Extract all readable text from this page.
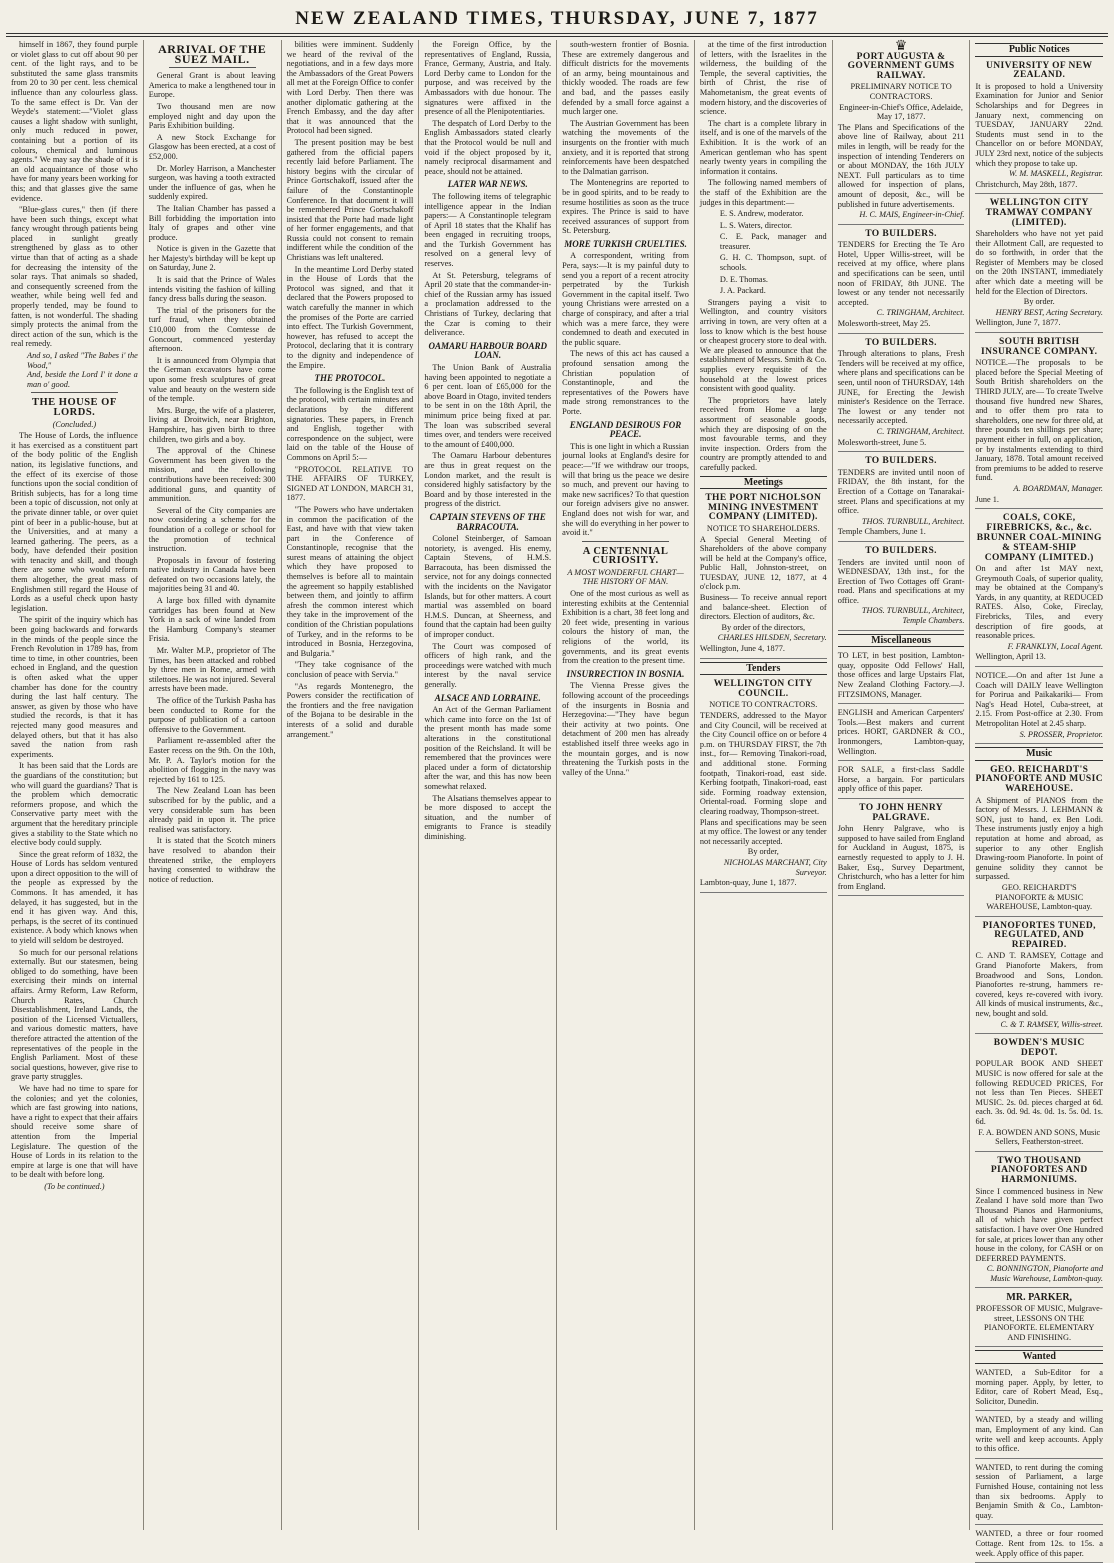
NEW ZEALAND TIMES, THURSDAY, JUNE 7, 1877

himself in 1867, they found purple or violet glass to cut off about 90 per cent. of the light rays, and to be substituted the same glass transmits from 20 to 30 per cent. less chemical influence than any colourless glass. To the same effect is Dr. Van der Weyde's statement:—"Violet glass causes a light shadow with sunlight, only much reduced in power, containing but a portion of its colours, chemical and luminous agents." We may say the shade of it is an old acquaintance of those who have for many years been working for this; and that glasses give the same evidence.

"Blue-glass cures," then (if there have been such things, except what fancy wrought through patients being placed in sunlight greatly strengthened by glass as to other virtue than that of acting as a shade for decreasing the intensity of the solar rays. That animals so shaded, and consequently screened from the weather, while being well fed and properly tended, may be found to fatten, is not wonderful. The shading simply protects the animal from the direct action of the sun, which is the real remedy.

And so, I asked "The Babes i' the Wood,"

And, beside the Lord I' it done a man o' good.

THE HOUSE OF LORDS.
(Concluded.)

The House of Lords, the influence it has exercised as a constituent part of the body politic of the English nation, its legislative functions, and the effect of its exercise of those functions upon the social condition of British subjects, has for a long time been a topic of discussion, not only at the private dinner table, or over quiet pint of beer in a public-house, but at the Universities, and at many a learned gathering. The peers, as a body, have defended their position with tenacity and skill, and though there are some who would reform them altogether, the great mass of Englishmen still regard the House of Lords as a useful check upon hasty legislation.

The spirit of the inquiry which has been going backwards and forwards in the minds of the people since the French Revolution in 1789 has, from time to time, in other countries, been echoed in England, and the question is often asked what the upper chamber has done for the country during the last half century. The answer, as given by those who have studied the records, is that it has rejected many good measures and delayed others, but that it has also saved the nation from rash experiments.

It has been said that the Lords are the guardians of the constitution; but who will guard the guardians? That is the problem which democratic reformers propose, and which the Conservative party meet with the argument that the hereditary principle gives a stability to the State which no elective body could supply.

Since the great reform of 1832, the House of Lords has seldom ventured upon a direct opposition to the will of the people as expressed by the Commons. It has amended, it has delayed, it has suggested, but in the end it has given way. And this, perhaps, is the secret of its continued existence. A body which knows when to yield will seldom be destroyed.

So much for our personal relations externally. But our statesmen, being obliged to do something, have been exercising their minds on internal affairs. Army Reform, Law Reform, Church Rates, Church Disestablishment, Ireland Lands, the position of the Licensed Victuallers, and various domestic matters, have therefore attracted the attention of the representatives of the people in the English Parliament. Most of these social questions, however, give rise to grave party struggles.

We have had no time to spare for the colonies; and yet the colonies, which are fast growing into nations, have a right to expect that their affairs should receive some share of attention from the Imperial Legislature. The question of the House of Lords in its relation to the empire at large is one that will have to be dealt with before long.

(To be continued.)
ARRIVAL OF THE SUEZ MAIL.

General Grant is about leaving America to make a lengthened tour in Europe.

Two thousand men are now employed night and day upon the Paris Exhibition building.

A new Stock Exchange for Glasgow has been erected, at a cost of £52,000.

Dr. Morley Harrison, a Manchester surgeon, was having a tooth extracted under the influence of gas, when he suddenly expired.

The Italian Chamber has passed a Bill forbidding the importation into Italy of grapes and other vine produce.

Notice is given in the Gazette that her Majesty's birthday will be kept up on Saturday, June 2.

It is said that the Prince of Wales intends visiting the fashion of killing fancy dress balls during the season.

The trial of the prisoners for the turf fraud, when they obtained £10,000 from the Comtesse de Goncourt, commenced yesterday afternoon.

It is announced from Olympia that the German excavators have come upon some fresh sculptures of great value and beauty on the western side of the temple.

Mrs. Burge, the wife of a plasterer, living at Droitwich, near Brighton, Hampshire, has given birth to three children, two girls and a boy.

The approval of the Chinese Government has been given to the mission, and the following contributions have been received: 300 additional guns, and quantity of ammunition.

Several of the City companies are now considering a scheme for the foundation of a college or school for the promotion of technical instruction.

Proposals in favour of fostering native industry in Canada have been defeated on two occasions lately, the majorities being 31 and 40.

A large box filled with dynamite cartridges has been found at New York in a sack of wine landed from the Hamburg Company's steamer Frisia.

Mr. Walter M.P., proprietor of The Times, has been attacked and robbed by three men in Rome, armed with stilettoes. He was not injured. Several arrests have been made.

The office of the Turkish Pasha has been conducted to Rome for the purpose of publication of a cartoon offensive to the Government.

Parliament re-assembled after the Easter recess on the 9th. On the 10th, Mr. P. A. Taylor's motion for the abolition of flogging in the navy was rejected by 161 to 125.

The New Zealand Loan has been subscribed for by the public, and a very considerable sum has been already paid in upon it. The price realised was satisfactory.

It is stated that the Scotch miners have resolved to abandon their threatened strike, the employers having consented to withdraw the notice of reduction.

bilities were imminent. Suddenly we heard of the revival of the negotiations, and in a few days more the Ambassadors of the Great Powers all met at the Foreign Office to confer with Lord Derby. Then there was another diplomatic gathering at the French Embassy, and the day after that it was announced that the Protocol had been signed.

The present position may be best gathered from the official papers recently laid before Parliament. The history begins with the circular of Prince Gortschakoff, issued after the failure of the Constantinople Conference. In that document it will be remembered Prince Gortschakoff insisted that the Porte had made light of her former engagements, and that Russia could not consent to remain indifferent while the condition of the Christians was left unaltered.

In the meantime Lord Derby stated in the House of Lords that the Protocol was signed, and that it declared that the Powers proposed to watch carefully the manner in which the promises of the Porte are carried into effect. The Turkish Government, however, has refused to accept the Protocol, declaring that it is contrary to the dignity and independence of the Empire.

THE PROTOCOL.

The following is the English text of the protocol, with certain minutes and declarations by the different signatories. These papers, in French and English, together with correspondence on the subject, were laid on the table of the House of Commons on April 5:—

"PROTOCOL RELATIVE TO THE AFFAIRS OF TURKEY, SIGNED AT LONDON, MARCH 31, 1877.

"The Powers who have undertaken in common the pacification of the East, and have with that view taken part in the Conference of Constantinople, recognise that the surest means of attaining the object which they have proposed to themselves is before all to maintain the agreement so happily established between them, and jointly to affirm afresh the common interest which they take in the improvement of the condition of the Christian populations of Turkey, and in the reforms to be introduced in Bosnia, Herzegovina, and Bulgaria."

"They take cognisance of the conclusion of peace with Servia."

"As regards Montenegro, the Powers consider the rectification of the frontiers and the free navigation of the Bojana to be desirable in the interests of a solid and durable arrangement."

the Foreign Office, by the representatives of England, Russia, France, Germany, Austria, and Italy. Lord Derby came to London for the purpose, and was received by the Ambassadors with due honour. The signatures were affixed in the presence of all the Plenipotentiaries.

The despatch of Lord Derby to the English Ambassadors stated clearly that the Protocol would be null and void if the object proposed by it, namely reciprocal disarmament and peace, should not be attained.

LATER WAR NEWS.

The following items of telegraphic intelligence appear in the Indian papers:— A Constantinople telegram of April 18 states that the Khalif has been engaged in recruiting troops, and the Turkish Government has resolved on a general levy of reserves.

At St. Petersburg, telegrams of April 20 state that the commander-in-chief of the Russian army has issued a proclamation addressed to the Christians of Turkey, declaring that the Czar is coming to their deliverance.

OAMARU HARBOUR BOARD LOAN.

The Union Bank of Australia having been appointed to negotiate a 6 per cent. loan of £65,000 for the above Board in Otago, invited tenders to be sent in on the 18th April, the minimum price being fixed at par. The loan was subscribed several times over, and tenders were received to the amount of £400,000.

The Oamaru Harbour debentures are thus in great request on the London market, and the result is considered highly satisfactory by the Board and by those interested in the progress of the district.

CAPTAIN STEVENS OF THE BARRACOUTA.

Colonel Steinberger, of Samoan notoriety, is avenged. His enemy, Captain Stevens, of H.M.S. Barracouta, has been dismissed the service, not for any doings connected with the incidents on the Navigator Islands, but for other matters. A court martial was assembled on board H.M.S. Duncan, at Sheerness, and found that the captain had been guilty of improper conduct.

The Court was composed of officers of high rank, and the proceedings were watched with much interest by the naval service generally.

ALSACE AND LORRAINE.

An Act of the German Parliament which came into force on the 1st of the present month has made some alterations in the constitutional position of the Reichsland. It will be remembered that the provinces were placed under a form of dictatorship after the war, and this has now been somewhat relaxed.

The Alsatians themselves appear to be more disposed to accept the situation, and the number of emigrants to France is steadily diminishing.

south-western frontier of Bosnia. These are extremely dangerous and difficult districts for the movements of an army, being mountainous and thickly wooded. The roads are few and bad, and the passes easily defended by a small force against a much larger one.

The Austrian Government has been watching the movements of the insurgents on the frontier with much anxiety, and it is reported that strong reinforcements have been despatched to the Dalmatian garrison.

The Montenegrins are reported to be in good spirits, and to be ready to resume hostilities as soon as the truce expires. The Prince is said to have received assurances of support from St. Petersburg.

MORE TURKISH CRUELTIES.

A correspondent, writing from Pera, says:—It is my painful duty to send you a report of a recent atrocity perpetrated by the Turkish Government in the capital itself. Two young Christians were arrested on a charge of conspiracy, and after a trial which was a mere farce, they were condemned to death and executed in the public square.

The news of this act has caused a profound sensation among the Christian population of Constantinople, and the representatives of the Powers have made strong remonstrances to the Porte.

ENGLAND DESIROUS FOR PEACE.

This is one light in which a Russian journal looks at England's desire for peace:—"If we withdraw our troops, will that bring us the peace we desire so much, and prevent our having to make new sacrifices? To that question our foreign advisers give no answer. England does not wish for war, and she will do everything in her power to avoid it."

A CENTENNIAL CURIOSITY.
A MOST WONDERFUL CHART—THE HISTORY OF MAN.

One of the most curious as well as interesting exhibits at the Centennial Exhibition is a chart, 38 feet long and 20 feet wide, presenting in various colours the history of man, the religions of the world, its governments, and its great events from the creation to the present time.

INSURRECTION IN BOSNIA.

The Vienna Presse gives the following account of the proceedings of the insurgents in Bosnia and Herzegovina:—"They have begun their activity at two points. One detachment of 200 men has already established itself three weeks ago in the mountain gorges, and is now threatening the Turkish posts in the valley of the Unna."

at the time of the first introduction of letters, with the Israelites in the wilderness, the building of the Temple, the several captivities, the birth of Christ, the rise of Mahometanism, the great events of modern history, and the discoveries of science.

The chart is a complete library in itself, and is one of the marvels of the Exhibition. It is the work of an American gentleman who has spent nearly twenty years in compiling the information it contains.

The following named members of the staff of the Exhibition are the judges in this department:—

E. S. Andrew, moderator.

L. S. Waters, director.

C. E. Pack, manager and treasurer.

G. H. C. Thompson, supt. of schools.

D. E. Thomas.

J. A. Packard.

Strangers paying a visit to Wellington, and country visitors arriving in town, are very often at a loss to know which is the best house or cheapest grocery store to deal with. We are pleased to announce that the establishment of Messrs. Smith & Co. supplies every requisite of the household at the lowest prices consistent with good quality.

The proprietors have lately received from Home a large assortment of seasonable goods, which they are disposing of on the most favourable terms, and they invite inspection. Orders from the country are promptly attended to and carefully packed.

Meetings
THE PORT NICHOLSON MINING INVESTMENT COMPANY (LIMITED).

NOTICE TO SHAREHOLDERS.

A Special General Meeting of Shareholders of the above company will be held at the Company's office, Public Hall, Johnston-street, on TUESDAY, JUNE 12, 1877, at 4 o'clock p.m.

Business— To receive annual report and balance-sheet. Election of directors. Election of auditors, &c.

By order of the directors,

CHARLES HILSDEN, Secretary.

Wellington, June 4, 1877.

Tenders
WELLINGTON CITY COUNCIL.

NOTICE TO CONTRACTORS.

TENDERS, addressed to the Mayor and City Council, will be received at the City Council office on or before 4 p.m. on THURSDAY FIRST, the 7th inst., for— Removing Tinakori-road, and additional stone. Forming footpath, Tinakori-road, east side. Kerbing footpath, Tinakori-road, east side. Forming roadway extension, Oriental-road. Forming slope and clearing roadway, Thompson-street.

Plans and specifications may be seen at my office. The lowest or any tender not necessarily accepted.

By order,

NICHOLAS MARCHANT, City Surveyor.

Lambton-quay, June 1, 1877.

♛
PORT AUGUSTA & GOVERNMENT GUMS RAILWAY.

PRELIMINARY NOTICE TO CONTRACTORS.

Engineer-in-Chief's Office, Adelaide, May 17, 1877.

The Plans and Specifications of the above line of Railway, about 211 miles in length, will be ready for the inspection of intending Tenderers on or about MONDAY, the 16th JULY NEXT. Full particulars as to time allowed for inspection of plans, amount of deposit, &c., will be published in future advertisements.

H. C. MAIS, Engineer-in-Chief.

TO BUILDERS.

TENDERS for Erecting the Te Aro Hotel, Upper Willis-street, will be received at my office, where plans and specifications can be seen, until noon of FRIDAY, 8th JUNE. The lowest or any tender not necessarily accepted.

C. TRINGHAM, Architect.

Molesworth-street, May 25.

TO BUILDERS.

Through alterations to plans, Fresh Tenders will be received at my office, where plans and specifications can be seen, until noon of THURSDAY, 14th JUNE, for Erecting the Jewish minister's Residence on the Terrace. The lowest or any tender not necessarily accepted.

C. TRINGHAM, Architect.

Molesworth-street, June 5.

TO BUILDERS.

TENDERS are invited until noon of FRIDAY, the 8th instant, for the Erection of a Cottage on Tanarakai-street. Plans and specifications at my office.

THOS. TURNBULL, Architect.

Temple Chambers, June 1.

TO BUILDERS.

Tenders are invited until noon of WEDNESDAY, 13th inst., for the Erection of Two Cottages off Grant-road. Plans and specifications at my office.

THOS. TURNBULL, Architect, Temple Chambers.

Miscellaneous

TO LET, in best position, Lambton-quay, opposite Odd Fellows' Hall, those offices and large Upstairs Flat, New Zealand Clothing Factory.—J. FITZSIMONS, Manager.

ENGLISH and American Carpenters' Tools.—Best makers and current prices. HORT, GARDNER & CO., Ironmongers, Lambton-quay, Wellington.

FOR SALE, a first-class Saddle Horse, a bargain. For particulars apply office of this paper.

TO JOHN HENRY PALGRAVE.

John Henry Palgrave, who is supposed to have sailed from England for Auckland in August, 1875, is earnestly requested to apply to J. H. Baker, Esq., Survey Department, Christchurch, who has a letter for him from England.

Public Notices
UNIVERSITY OF NEW ZEALAND.

It is proposed to hold a University Examination for Junior and Senior Scholarships and for Degrees in January next, commencing on TUESDAY, JANUARY 22nd. Students must send in to the Chancellor on or before MONDAY, JULY 23rd next, notice of the subjects which they propose to take up.

W. M. MASKELL, Registrar.

Christchurch, May 28th, 1877.

WELLINGTON CITY TRAMWAY COMPANY (LIMITED).

Shareholders who have not yet paid their Allotment Call, are requested to do so forthwith, in order that the Register of Members may be closed on the 20th INSTANT, immediately after which date a meeting will be held for the Election of Directors.

By order.

HENRY BEST, Acting Secretary.

Wellington, June 7, 1877.

SOUTH BRITISH INSURANCE COMPANY.

NOTICE.—The proposals to be placed before the Special Meeting of South British shareholders on the THIRD JULY, are— To create Twelve thousand five hundred new Shares, and to offer them pro rata to shareholders, one new for three old, at three pounds ten shillings per share; payment either in full, on application, or by instalments extending to third January, 1878. Total amount received from premiums to be added to reserve fund.

A. BOARDMAN, Manager.

June 1.

COALS, COKE, FIREBRICKS, &c., &c.
BRUNNER COAL-MINING & STEAM-SHIP COMPANY (LIMITED.)

On and after 1st MAY next, Greymouth Coals, of superior quality, may be obtained at the Company's Yards, in any quantity, at REDUCED RATES. Also, Coke, Fireclay, Firebricks, Tiles, and every description of fire goods, at reasonable prices.

F. FRANKLYN, Local Agent.

Wellington, April 13.

NOTICE.—On and after 1st June a Coach will DAILY leave Wellington for Porirua and Paikakariki— From Nag's Head Hotel, Cuba-street, at 2.15. From Post-office at 2.30. From Metropolitan Hotel at 2.45 sharp.

S. PROSSER, Proprietor.

Music
GEO. REICHARDT'S PIANOFORTE AND MUSIC WAREHOUSE.

A Shipment of PIANOS from the factory of Messrs. J. LEHMANN & SON, just to hand, ex Ben Lodi. These instruments justly enjoy a high reputation at home and abroad, as superior to any other English Drawing-room Pianoforte. In point of genuine solidity they cannot be surpassed.

GEO. REICHARDT'S PIANOFORTE & MUSIC WAREHOUSE, Lambton-quay.

PIANOFORTES TUNED, REGULATED, AND REPAIRED.

C. AND T. RAMSEY, Cottage and Grand Pianoforte Makers, from Broadwood and Sons, London. Pianofortes re-strung, hammers re-covered, keys re-covered with ivory. All kinds of musical instruments, &c., new, bought and sold.

C. & T. RAMSEY, Willis-street.

BOWDEN'S MUSIC DEPOT.

POPULAR BOOK AND SHEET MUSIC is now offered for sale at the following REDUCED PRICES, For not less than Ten Pieces. SHEET MUSIC. 2s. 0d. pieces charged at 6d. each. 3s. 0d. 9d. 4s. 0d. 1s. 5s. 0d. 1s. 6d.

F. A. BOWDEN AND SONS, Music Sellers, Featherston-street.

TWO THOUSAND PIANOFORTES AND HARMONIUMS.

Since I commenced business in New Zealand I have sold more than Two Thousand Pianos and Harmoniums, all of which have given perfect satisfaction. I have over One Hundred for sale, at prices lower than any other house in the colony, for CASH or on DEFERRED PAYMENTS.

C. BONNINGTON, Pianoforte and Music Warehouse, Lambton-quay.

MR. PARKER,

PROFESSOR OF MUSIC, Mulgrave-street, LESSONS ON THE PIANOFORTE. ELEMENTARY AND FINISHING.

Wanted

WANTED, a Sub-Editor for a morning paper. Apply, by letter, to Editor, care of Robert Mead, Esq., Solicitor, Dunedin.

WANTED, by a steady and willing man, Employment of any kind. Can write well and keep accounts. Apply to this office.

WANTED, to rent during the coming session of Parliament, a large Furnished House, containing not less than six bedrooms. Apply to Benjamin Smith & Co., Lambton-quay.

WANTED, a three or four roomed Cottage. Rent from 12s. to 15s. a week. Apply office of this paper.
